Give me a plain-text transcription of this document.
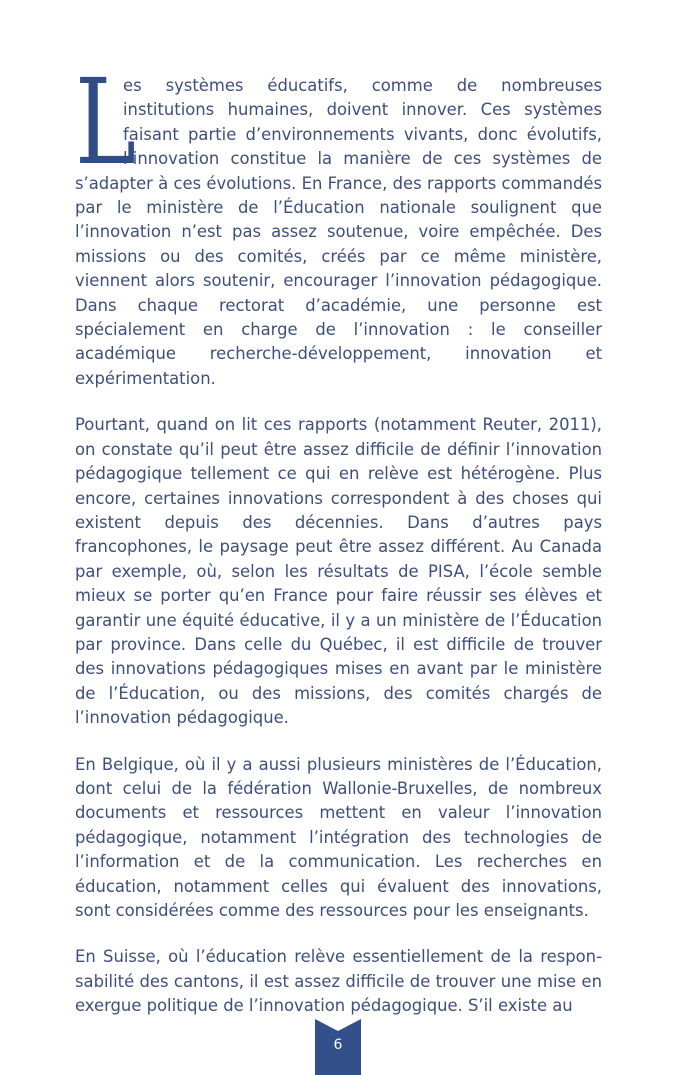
L
es systèmes éducatifs, comme de nombreuses institutions humaines, doivent innover. Ces systèmes faisant partie d’environnements vivants, donc évolutifs, l’innovation constitue la manière de ces systèmes de s’adapter à ces évolutions. En France, des rapports commandés par le ministère de l’Éducation nationale soulignent que l’innovation n’est pas assez soutenue, voire empêchée. Des missions ou des comités, créés par ce même ministère, viennent alors soutenir, encourager l’innovation pédagogique. Dans chaque rectorat d’académie, une personne est spécialement en charge de l’innovation : le conseiller académique recherche-développement, innovation et expérimentation.

Pourtant, quand on lit ces rapports (notamment Reuter, 2011), on constate qu’il peut être assez difficile de définir l’innovation pédagogique tellement ce qui en relève est hétérogène. Plus encore, certaines innovations correspondent à des choses qui existent depuis des décennies. Dans d’autres pays francophones, le paysage peut être assez différent. Au Canada par exemple, où, selon les résultats de PISA, l’école semble mieux se porter qu’en France pour faire réussir ses élèves et garantir une équité éducative, il y a un ministère de l’Éducation par province. Dans celle du Québec, il est difficile de trouver des innovations pédagogiques mises en avant par le ministère de l’Éducation, ou des missions, des comités chargés de l’innovation pédagogique.

En Belgique, où il y a aussi plusieurs ministères de l’Éducation, dont celui de la fédération Wallonie-Bruxelles, de nombreux documents et ressources mettent en valeur l’innovation pédagogique, notamment l’intégration des technologies de l’information et de la communication. Les recherches en éducation, notamment celles qui évaluent des innovations, sont considérées comme des ressources pour les enseignants.

En Suisse, où l’éducation relève essentiellement de la responsabilité des cantons, il est assez difficile de trouver une mise en exergue politique de l’innovation pédagogique. S’il existe au

6
